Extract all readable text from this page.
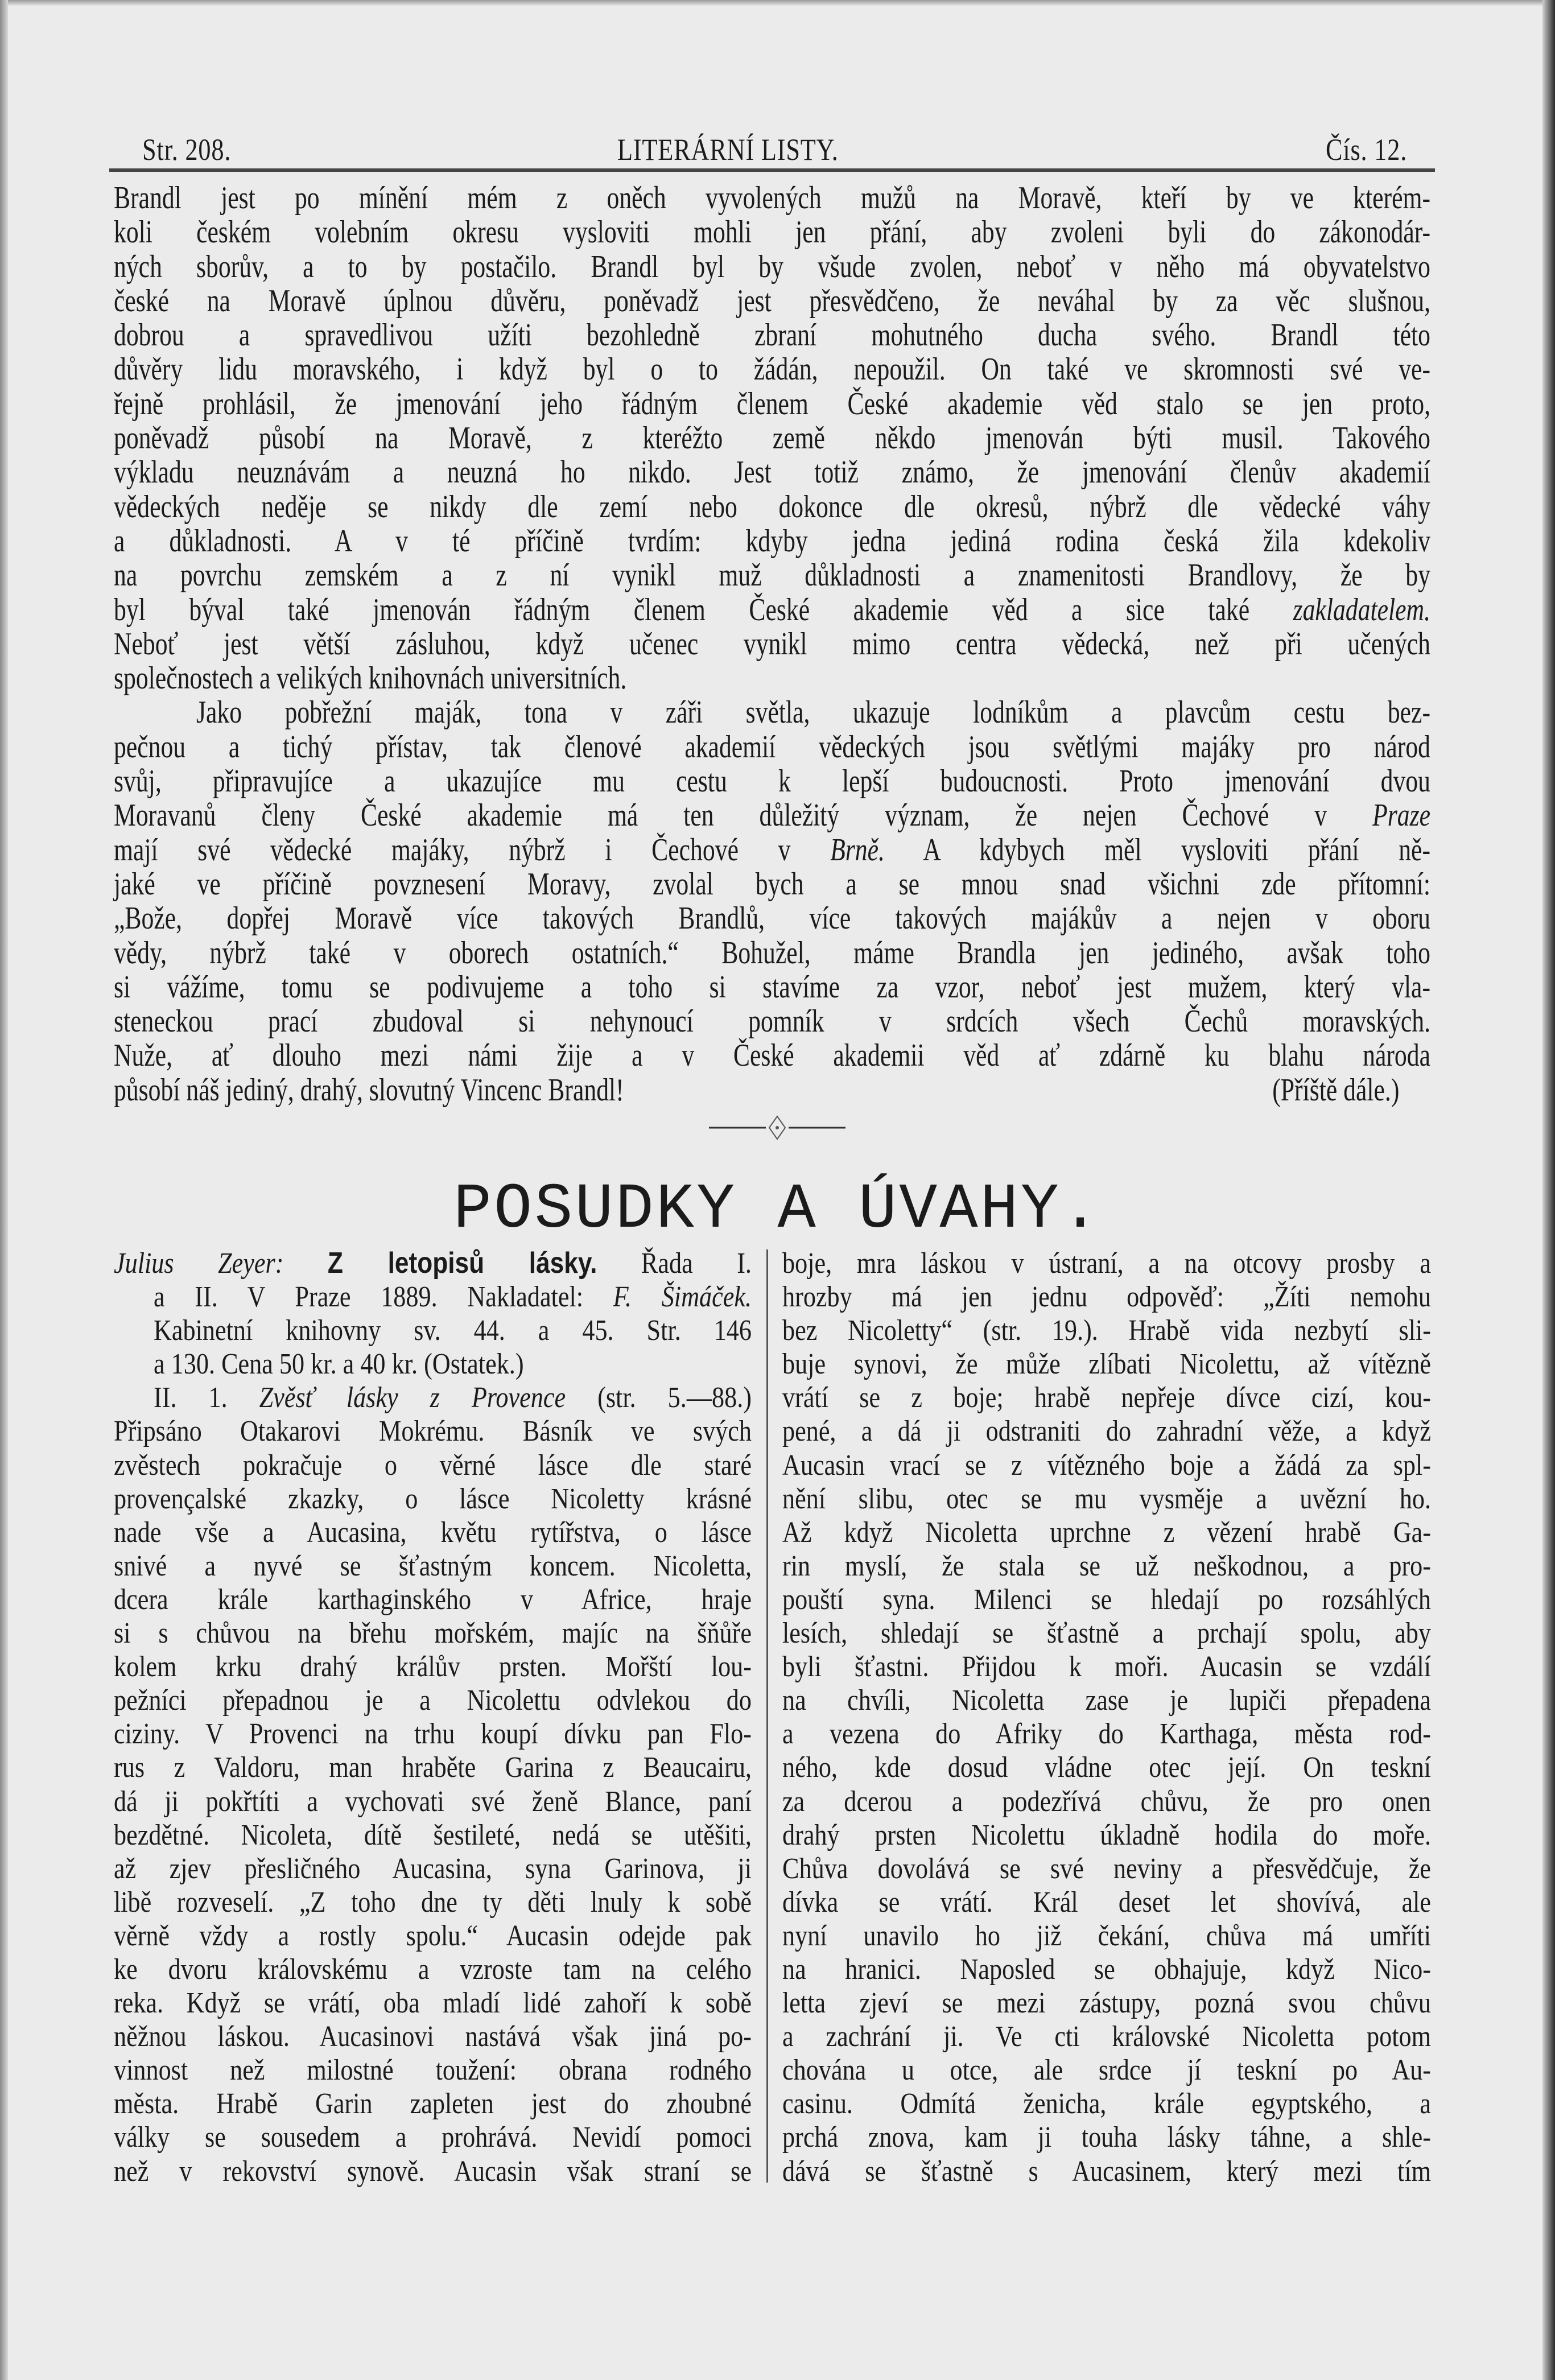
Str. 208.	LITERÁRNÍ LISTY.	Čís. 12.
Brandl jest po mínění mém z oněch vyvolených mužů na Moravě, kteří by ve kterém-
koli českém volebním okresu vysloviti mohli jen přání, aby zvoleni byli do zákonodár-
ných sborův, a to by postačilo. Brandl byl by všude zvolen, neboť v něho má obyvatelstvo
české na Moravě úplnou důvěru, poněvadž jest přesvědčeno, že neváhal by za věc slušnou,
dobrou a spravedlivou užíti bezohledně zbraní mohutného ducha svého. Brandl této
důvěry lidu moravského, i když byl o to žádán, nepoužil. On také ve skromnosti své ve-
řejně prohlásil, že jmenování jeho řádným členem České akademie věd stalo se jen proto,
poněvadž působí na Moravě, z kteréžto země někdo jmenován býti musil. Takového
výkladu neuznávám a neuzná ho nikdo. Jest totiž známo, že jmenování členův akademií
vědeckých neděje se nikdy dle zemí nebo dokonce dle okresů, nýbrž dle vědecké váhy
a důkladnosti. A v té příčině tvrdím: kdyby jedna jediná rodina česká žila kdekoliv
na povrchu zemském a z ní vynikl muž důkladnosti a znamenitosti Brandlovy, že by
byl býval také jmenován řádným členem České akademie věd a sice také zakladatelem.
Neboť jest větší zásluhou, když učenec vynikl mimo centra vědecká, než při učených
společnostech a velikých knihovnách universitních.
Jako pobřežní maják, tona v záři světla, ukazuje lodníkům a plavcům cestu bez-
pečnou a tichý přístav, tak členové akademií vědeckých jsou světlými majáky pro národ
svůj, připravujíce a ukazujíce mu cestu k lepší budoucnosti. Proto jmenování dvou
Moravanů členy České akademie má ten důležitý význam, že nejen Čechové v Praze
mají své vědecké majáky, nýbrž i Čechové v Brně. A kdybych měl vysloviti přání ně-
jaké ve příčině povznesení Moravy, zvolal bych a se mnou snad všichni zde přítomní:
„Bože, dopřej Moravě více takových Brandlů, více takových majákův a nejen v oboru
vědy, nýbrž také v oborech ostatních.“ Bohužel, máme Brandla jen jediného, avšak toho
si vážíme, tomu se podivujeme a toho si stavíme za vzor, neboť jest mužem, který vla-
steneckou prací zbudoval si nehynoucí pomník v srdcích všech Čechů moravských.
Nuže, ať dlouho mezi námi žije a v České akademii věd ať zdárně ku blahu národa
působí náš jediný, drahý, slovutný Vincenc Brandl!	(Příště dále.)
POSUDKY A ÚVAHY.
Julius Zeyer: Z letopisů lásky. Řada I.
a II. V Praze 1889. Nakladatel: F. Šimáček.
Kabinetní knihovny sv. 44. a 45. Str. 146
a 130. Cena 50 kr. a 40 kr. (Ostatek.)
II. 1. Zvěsť lásky z Provence (str. 5.—88.)
Připsáno Otakarovi Mokrému. Básník ve svých
zvěstech pokračuje o věrné lásce dle staré
provençalské zkazky, o lásce Nicoletty krásné
nade vše a Aucasina, květu rytířstva, o lásce
snivé a nyvé se šťastným koncem. Nicoletta,
dcera krále karthaginského v Africe, hraje
si s chůvou na břehu mořském, majíc na šňůře
kolem krku drahý králův prsten. Mořští lou-
pežníci přepadnou je a Nicolettu odvlekou do
ciziny. V Provenci na trhu koupí dívku pan Flo-
rus z Valdoru, man hraběte Garina z Beaucairu,
dá ji pokřtíti a vychovati své ženě Blance, paní
bezdětné. Nicoleta, dítě šestileté, nedá se utěšiti,
až zjev přesličného Aucasina, syna Garinova, ji
libě rozveselí. „Z toho dne ty děti lnuly k sobě
věrně vždy a rostly spolu.“ Aucasin odejde pak
ke dvoru královskému a vzroste tam na celého
reka. Když se vrátí, oba mladí lidé zahoří k sobě
něžnou láskou. Aucasinovi nastává však jiná po-
vinnost než milostné toužení: obrana rodného
města. Hrabě Garin zapleten jest do zhoubné
války se sousedem a prohrává. Nevidí pomoci
než v rekovství synově. Aucasin však straní se
boje, mra láskou v ústraní, a na otcovy prosby a
hrozby má jen jednu odpověď: „Žíti nemohu
bez Nicoletty“ (str. 19.). Hrabě vida nezbytí sli-
buje synovi, že může zlíbati Nicolettu, až vítězně
vrátí se z boje; hrabě nepřeje dívce cizí, kou-
pené, a dá ji odstraniti do zahradní věže, a když
Aucasin vrací se z vítězného boje a žádá za spl-
nění slibu, otec se mu vysměje a uvězní ho.
Až když Nicoletta uprchne z vězení hrabě Ga-
rin myslí, že stala se už neškodnou, a pro-
pouští syna. Milenci se hledají po rozsáhlých
lesích, shledají se šťastně a prchají spolu, aby
byli šťastni. Přijdou k moři. Aucasin se vzdálí
na chvíli, Nicoletta zase je lupiči přepadena
a vezena do Afriky do Karthaga, města rod-
ného, kde dosud vládne otec její. On teskní
za dcerou a podezřívá chůvu, že pro onen
drahý prsten Nicolettu úkladně hodila do moře.
Chůva dovolává se své neviny a přesvědčuje, že
dívka se vrátí. Král deset let shovívá, ale
nyní unavilo ho již čekání, chůva má umříti
na hranici. Naposled se obhajuje, když Nico-
letta zjeví se mezi zástupy, pozná svou chůvu
a zachrání ji. Ve cti královské Nicoletta potom
chována u otce, ale srdce jí teskní po Au-
casinu. Odmítá ženicha, krále egyptského, a
prchá znova, kam ji touha lásky táhne, a shle-
dává se šťastně s Aucasinem, který mezi tím
